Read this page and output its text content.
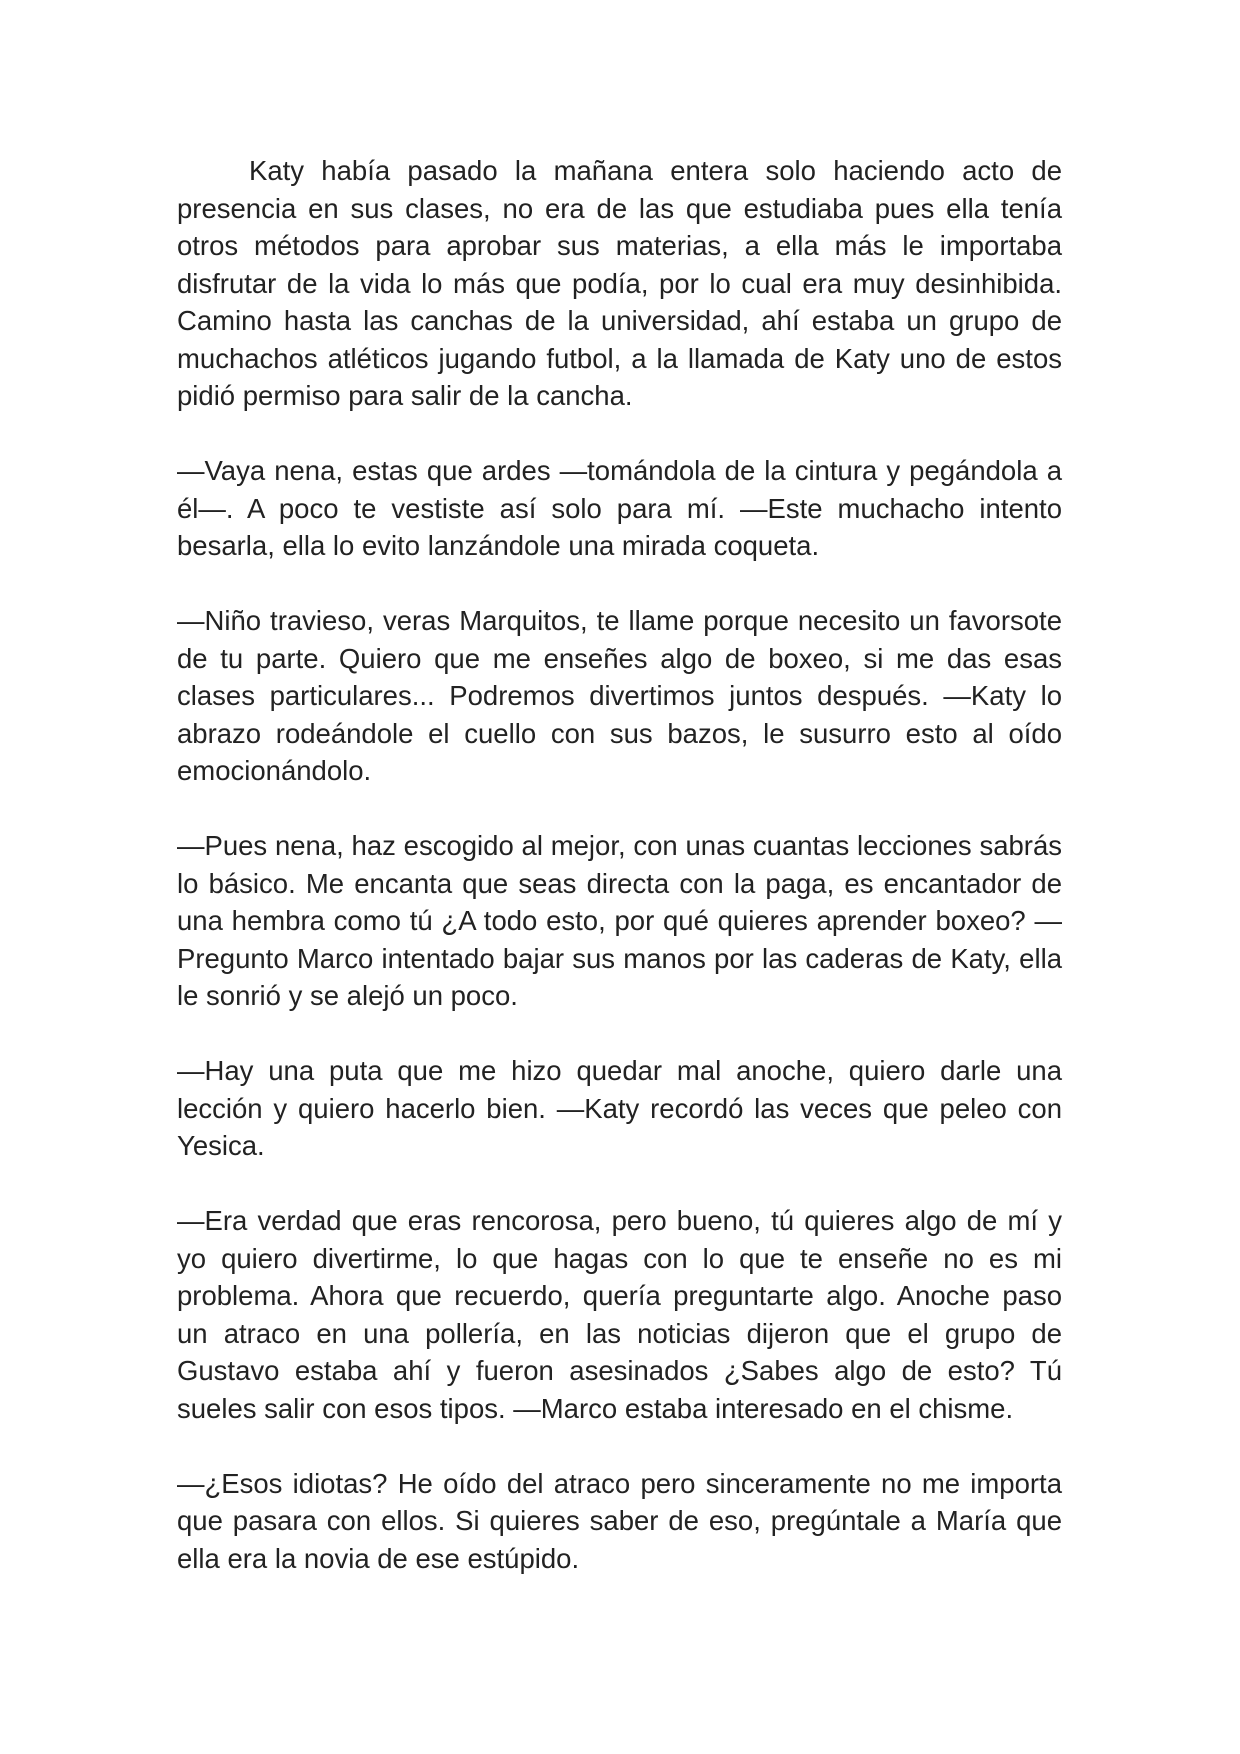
Katy había pasado la mañana entera solo haciendo acto de presencia en sus clases, no era de las que estudiaba pues ella tenía otros métodos para aprobar sus materias, a ella más le importaba disfrutar de la vida lo más que podía, por lo cual era muy desinhibida. Camino hasta las canchas de la universidad, ahí estaba un grupo de muchachos atléticos jugando futbol, a la llamada de Katy uno de estos pidió permiso para salir de la cancha.

—Vaya nena, estas que ardes —tomándola de la cintura y pegándola a él—. A poco te vestiste así solo para mí. —Este muchacho intento besarla, ella lo evito lanzándole una mirada coqueta.

—Niño travieso, veras Marquitos, te llame porque necesito un favorsote de tu parte. Quiero que me enseñes algo de boxeo, si me das esas clases particulares... Podremos divertimos juntos después. —Katy lo abrazo rodeándole el cuello con sus bazos, le susurro esto al oído emocionándolo.

—Pues nena, haz escogido al mejor, con unas cuantas lecciones sabrás lo básico. Me encanta que seas directa con la paga, es encantador de una hembra como tú ¿A todo esto, por qué quieres aprender boxeo? —Pregunto Marco intentado bajar sus manos por las caderas de Katy, ella le sonrió y se alejó un poco.

—Hay una puta que me hizo quedar mal anoche, quiero darle una lección y quiero hacerlo bien. —Katy recordó las veces que peleo con Yesica.

—Era verdad que eras rencorosa, pero bueno, tú quieres algo de mí y yo quiero divertirme, lo que hagas con lo que te enseñe no es mi problema. Ahora que recuerdo, quería preguntarte algo. Anoche paso un atraco en una pollería, en las noticias dijeron que el grupo de Gustavo estaba ahí y fueron asesinados ¿Sabes algo de esto? Tú sueles salir con esos tipos. —Marco estaba interesado en el chisme.

—¿Esos idiotas? He oído del atraco pero sinceramente no me importa que pasara con ellos. Si quieres saber de eso, pregúntale a María que ella era la novia de ese estúpido.
